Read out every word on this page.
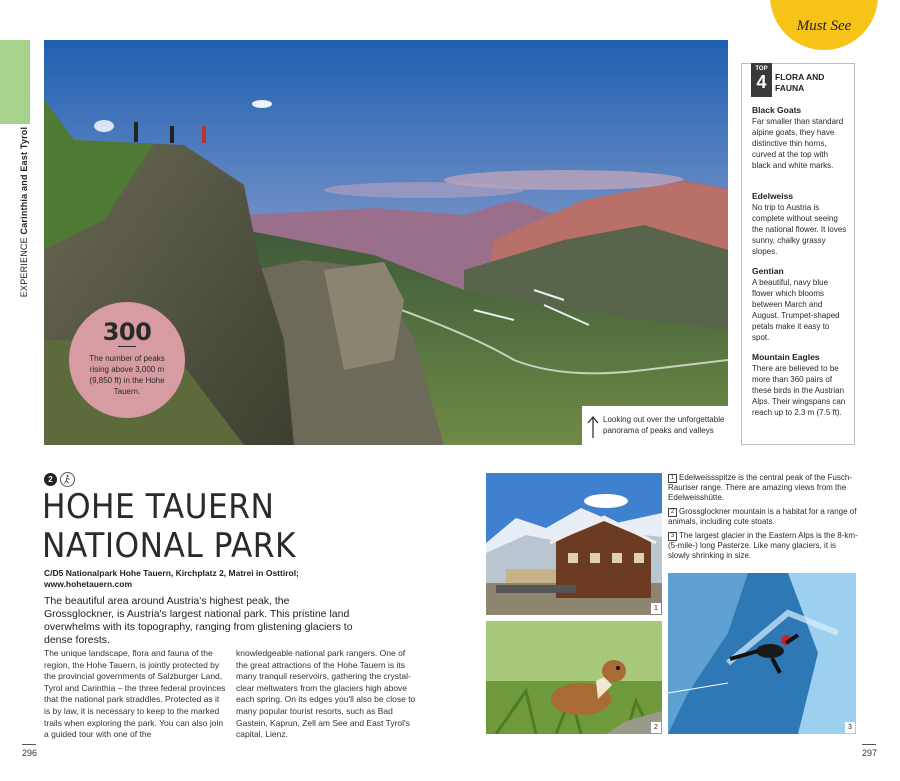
EXPERIENCE Carinthia and East Tyrol
Must See
300
The number of peaks rising above 3,000 m (9,850 ft) in the Hohe Tauern.
Looking out over the unforgettable panorama of peaks and valleys
TOP
4	FLORA AND FAUNA
Black Goats

Far smaller than standard alpine goats, they have distinctive thin horns, curved at the top with black and white marks.

Edelweiss

No trip to Austria is complete without seeing the national flower. It loves sunny, chalky grassy slopes.

Gentian

A beautiful, navy blue flower which blooms between March and August. Trumpet-shaped petals make it easy to spot.

Mountain Eagles

There are believed to be more than 360 pairs of these birds in the Austrian Alps. Their wingspans can reach up to 2.3 m (7.5 ft).

2
HOHE TAUERN
NATIONAL PARK
C/D5 Nationalpark Hohe Tauern, Kirchplatz 2, Matrei in Osttirol;
www.hohetauern.com
The beautiful area around Austria's highest peak, the Grossglockner, is Austria's largest national park. This pristine land overwhelms with its topography, ranging from glistening glaciers to dense forests.
The unique landscape, flora and fauna of the region, the Hohe Tauern, is jointly protected by the provincial governments of Salzburger Land, Tyrol and Carinthia – the three federal provinces that the national park straddles. Protected as it is by law, it is necessary to keep to the marked trails when exploring the park. You can also join a guided tour with one of the
knowledgeable national park rangers. One of the great attractions of the Hohe Tauern is its many tranquil reservoirs, gathering the crystal-clear meltwaters from the glaciers high above each spring. On its edges you'll also be close to many popular tourist resorts, such as Bad Gastein, Kaprun, Zell am See and East Tyrol's capital, Lienz.
296	297
1
2	3
1 Edelweissspitze is the central peak of the Fusch-Rauriser range. There are amazing views from the Edelweisshütte.
2 Grossglockner mountain is a habitat for a range of animals, including cute stoats.
3 The largest glacier in the Eastern Alps is the 8-km- (5-mile-) long Pasterze. Like many glaciers, it is slowly shrinking in size.
